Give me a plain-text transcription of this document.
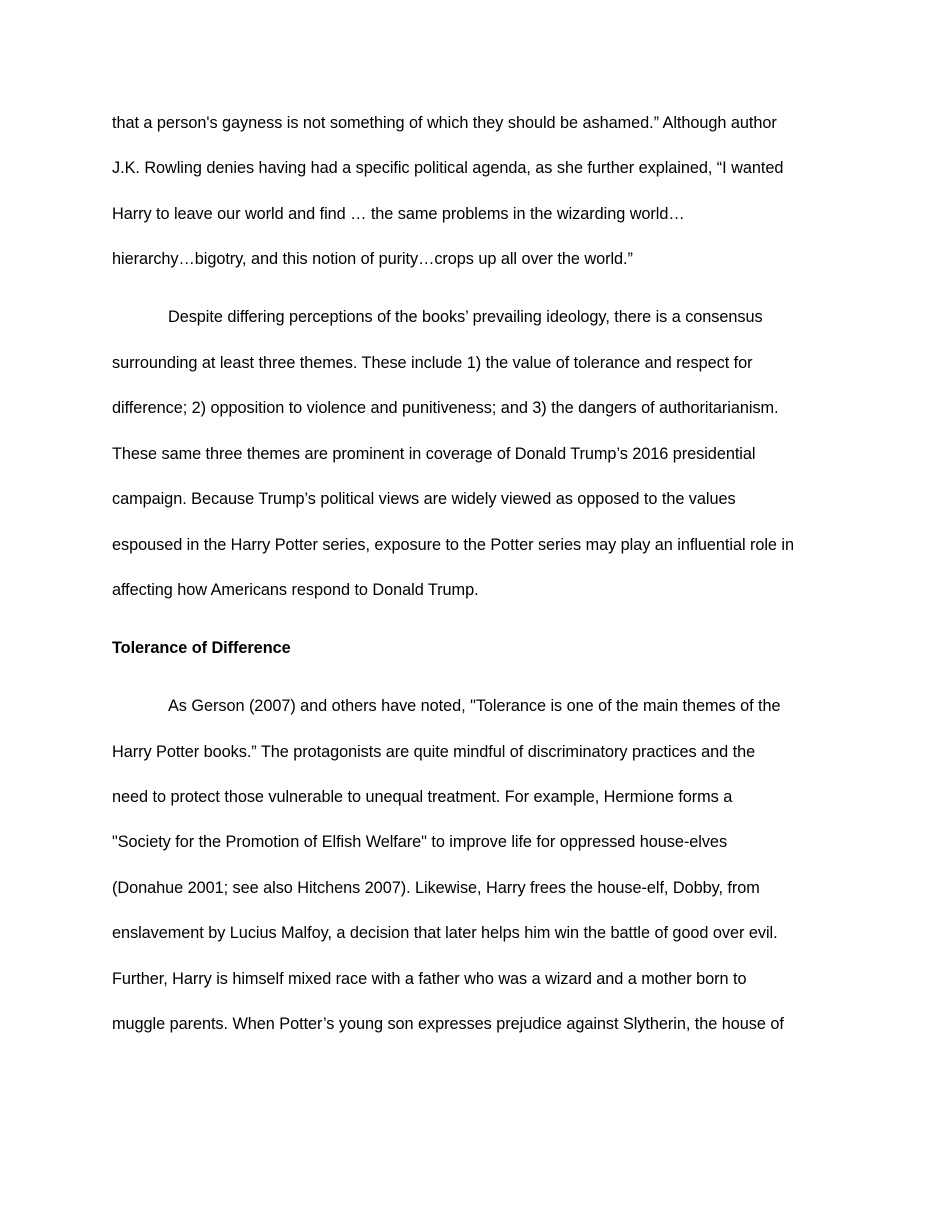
that a person's gayness is not something of which they should be ashamed.” Although author
J.K. Rowling denies having had a specific political agenda, as she further explained, “I wanted
Harry to leave our world and find … the same problems in the wizarding world…
hierarchy…bigotry, and this notion of purity…crops up all over the world.”
Despite differing perceptions of the books’ prevailing ideology, there is a consensus
surrounding at least three themes. These include 1) the value of tolerance and respect for
difference; 2) opposition to violence and punitiveness; and 3) the dangers of authoritarianism.
These same three themes are prominent in coverage of Donald Trump’s 2016 presidential
campaign. Because Trump’s political views are widely viewed as opposed to the values
espoused in the Harry Potter series, exposure to the Potter series may play an influential role in
affecting how Americans respond to Donald Trump.
Tolerance of Difference
As Gerson (2007) and others have noted, "Tolerance is one of the main themes of the
Harry Potter books.” The protagonists are quite mindful of discriminatory practices and the
need to protect those vulnerable to unequal treatment. For example, Hermione forms a
"Society for the Promotion of Elfish Welfare" to improve life for oppressed house-elves
(Donahue 2001; see also Hitchens 2007). Likewise, Harry frees the house-elf, Dobby, from
enslavement by Lucius Malfoy, a decision that later helps him win the battle of good over evil.
Further, Harry is himself mixed race with a father who was a wizard and a mother born to
muggle parents. When Potter’s young son expresses prejudice against Slytherin, the house of
